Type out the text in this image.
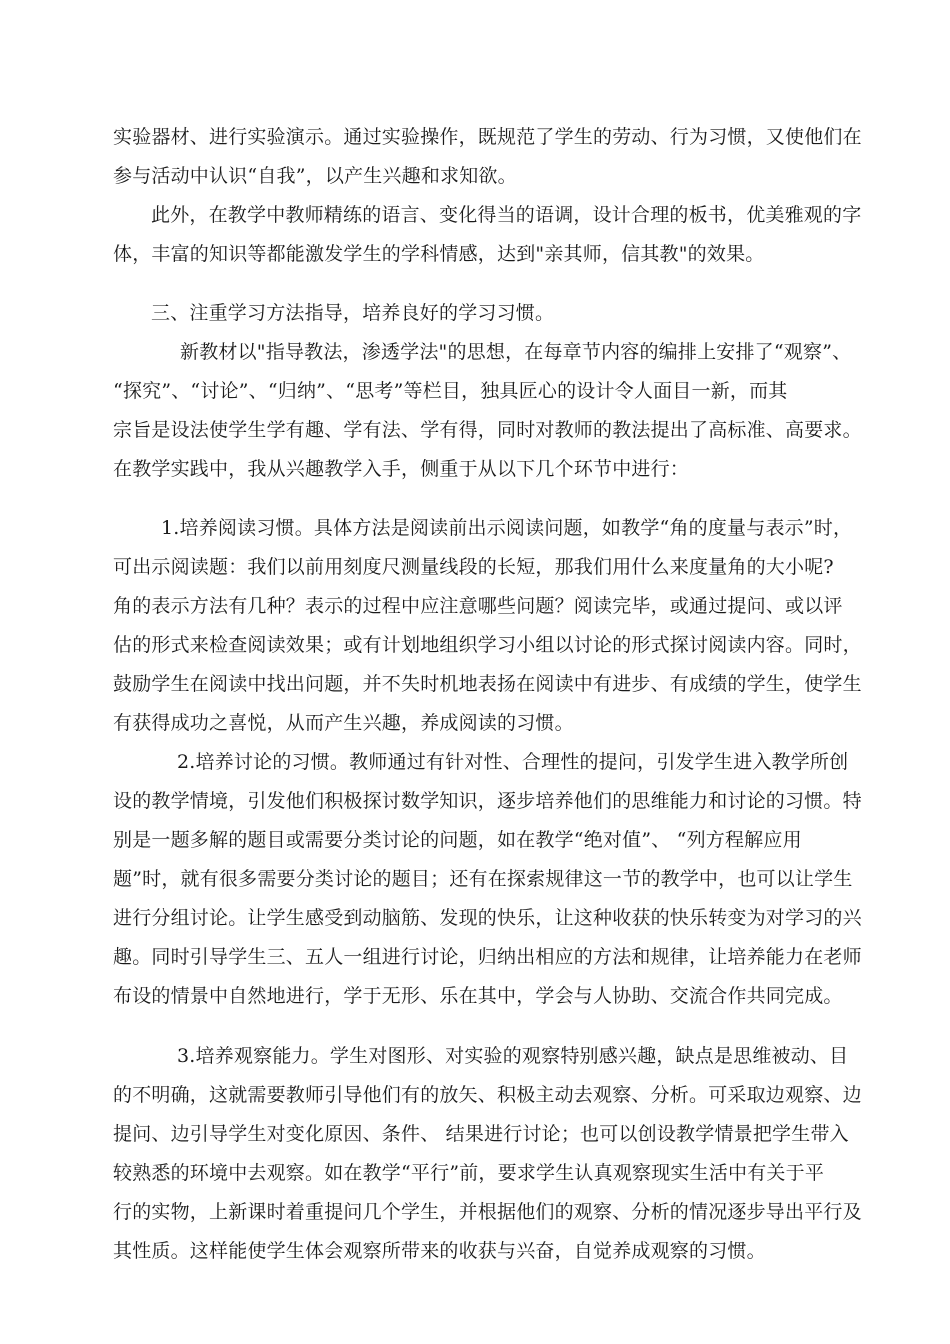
实验器材、进行实验演示。通过实验操作，既规范了学生的劳动、行为习惯，又使他们在
参与活动中认识“自我”，以产生兴趣和求知欲。
此外，在教学中教师精练的语言、变化得当的语调，设计合理的板书，优美雅观的字
体，丰富的知识等都能激发学生的学科情感，达到"亲其师，信其教"的效果。
三、注重学习方法指导，培养良好的学习习惯。
新教材以"指导教法，渗透学法"的思想，在每章节内容的编排上安排了“观察”、
“探究”、“讨论”、“归纳”、“思考”等栏目，独具匠心的设计令人面目一新，而其
宗旨是设法使学生学有趣、学有法、学有得，同时对教师的教法提出了高标准、高要求。
在教学实践中，我从兴趣教学入手，侧重于从以下几个环节中进行：
1.培养阅读习惯。具体方法是阅读前出示阅读问题，如教学“角的度量与表示”时，
可出示阅读题：我们以前用刻度尺测量线段的长短，那我们用什么来度量角的大小呢?
角的表示方法有几种？表示的过程中应注意哪些问题？阅读完毕，或通过提问、或以评
估的形式来检查阅读效果；或有计划地组织学习小组以讨论的形式探讨阅读内容。同时，
鼓励学生在阅读中找出问题，并不失时机地表扬在阅读中有进步、有成绩的学生，使学生
有获得成功之喜悦，从而产生兴趣，养成阅读的习惯。
2.培养讨论的习惯。教师通过有针对性、合理性的提问，引发学生进入教学所创
设的教学情境，引发他们积极探讨数学知识，逐步培养他们的思维能力和讨论的习惯。特
别是一题多解的题目或需要分类讨论的问题，如在教学“绝对值”、 “列方程解应用
题”时，就有很多需要分类讨论的题目；还有在探索规律这一节的教学中，也可以让学生
进行分组讨论。让学生感受到动脑筋、发现的快乐，让这种收获的快乐转变为对学习的兴
趣。同时引导学生三、五人一组进行讨论，归纳出相应的方法和规律，让培养能力在老师
布设的情景中自然地进行，学于无形、乐在其中，学会与人协助、交流合作共同完成。
3.培养观察能力。学生对图形、对实验的观察特别感兴趣，缺点是思维被动、目
的不明确，这就需要教师引导他们有的放矢、积极主动去观察、分析。可采取边观察、边
提问、边引导学生对变化原因、条件、 结果进行讨论；也可以创设教学情景把学生带入
较熟悉的环境中去观察。如在教学“平行”前，要求学生认真观察现实生活中有关于平
行的实物，上新课时着重提问几个学生，并根据他们的观察、分析的情况逐步导出平行及
其性质。这样能使学生体会观察所带来的收获与兴奋，自觉养成观察的习惯。
